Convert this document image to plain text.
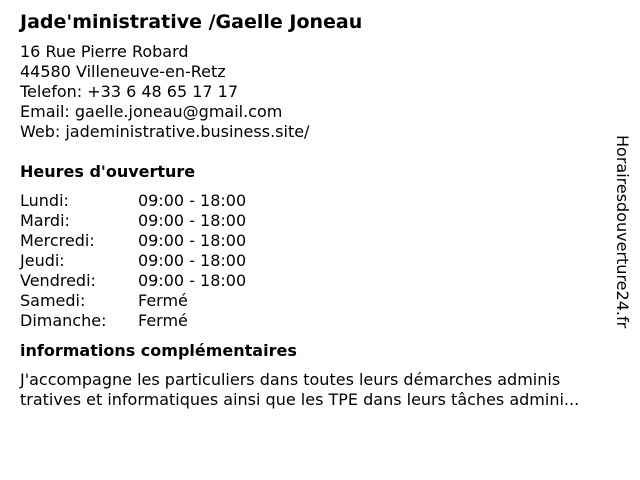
Jade'ministrative /Gaelle Joneau
16 Rue Pierre Robard
44580 Villeneuve-en-Retz
Telefon: +33 6 48 65 17 17
Email: gaelle.joneau@gmail.com
Web: jadeministrative.business.site/
Heures d'ouverture
Lundi:	09:00 - 18:00
Mardi:	09:00 - 18:00
Mercredi:	09:00 - 18:00
Jeudi:	09:00 - 18:00
Vendredi:	09:00 - 18:00
Samedi:	Fermé
Dimanche:	Fermé
informations complémentaires
J'accompagne les particuliers dans toutes leurs démarches adminis
tratives et informatiques ainsi que les TPE dans leurs tâches admini...
Horairesdouverture24.fr
